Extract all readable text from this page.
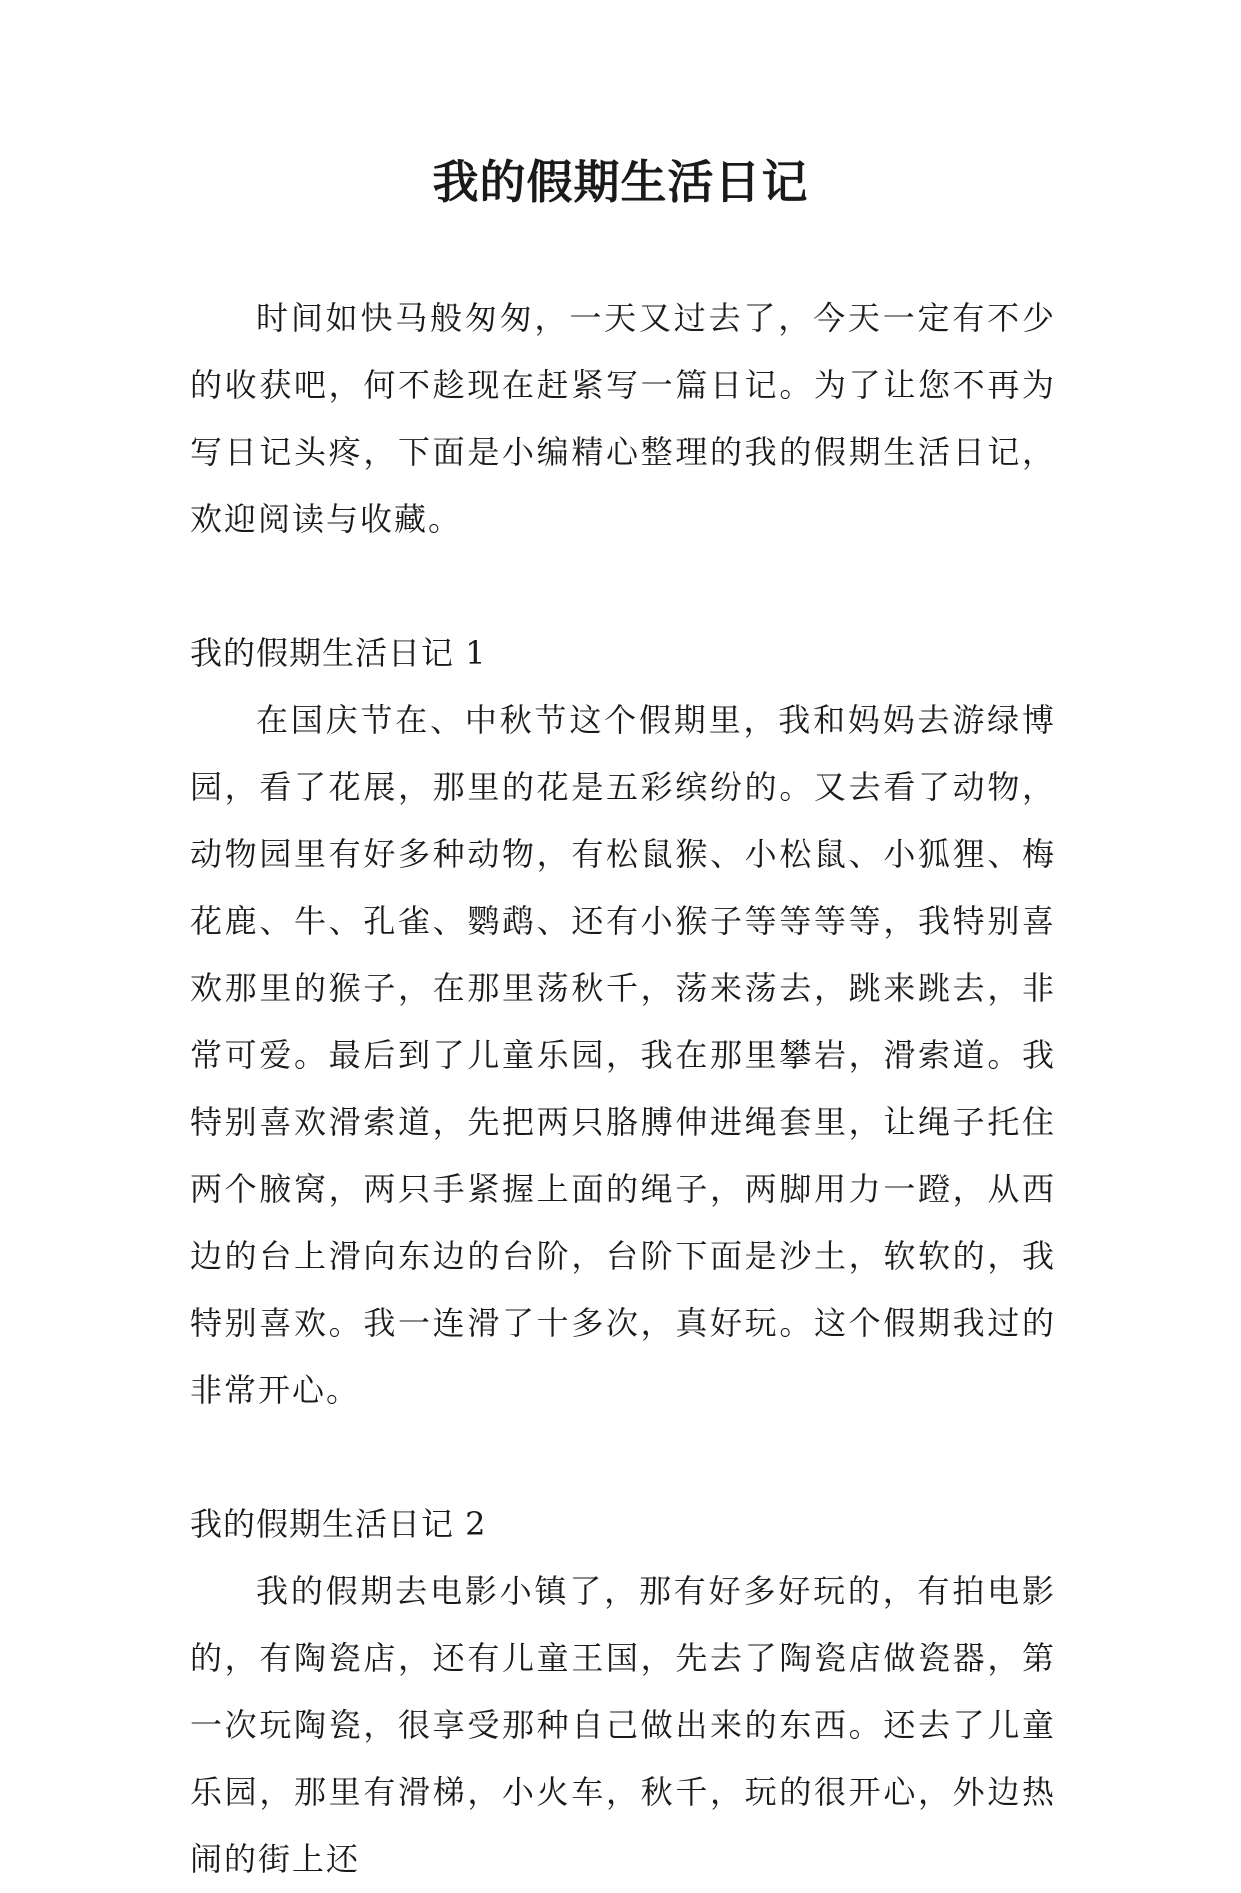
我的假期生活日记

时间如快马般匆匆，一天又过去了，今天一定有不少的收获吧，何不趁现在赶紧写一篇日记。为了让您不再为写日记头疼，下面是小编精心整理的我的假期生活日记，欢迎阅读与收藏。

我的假期生活日记 1

在国庆节在、中秋节这个假期里，我和妈妈去游绿博园，看了花展，那里的花是五彩缤纷的。又去看了动物，动物园里有好多种动物，有松鼠猴、小松鼠、小狐狸、梅花鹿、牛、孔雀、鹦鹉、还有小猴子等等等等，我特别喜欢那里的猴子，在那里荡秋千，荡来荡去，跳来跳去，非常可爱。最后到了儿童乐园，我在那里攀岩，滑索道。我特别喜欢滑索道，先把两只胳膊伸进绳套里，让绳子托住两个腋窝，两只手紧握上面的绳子，两脚用力一蹬，从西边的台上滑向东边的台阶，台阶下面是沙土，软软的，我特别喜欢。我一连滑了十多次，真好玩。这个假期我过的非常开心。

我的假期生活日记 2

我的假期去电影小镇了，那有好多好玩的，有拍电影的，有陶瓷店，还有儿童王国，先去了陶瓷店做瓷器，第一次玩陶瓷，很享受那种自己做出来的东西。还去了儿童乐园，那里有滑梯，小火车，秋千，玩的很开心，外边热闹的街上还
